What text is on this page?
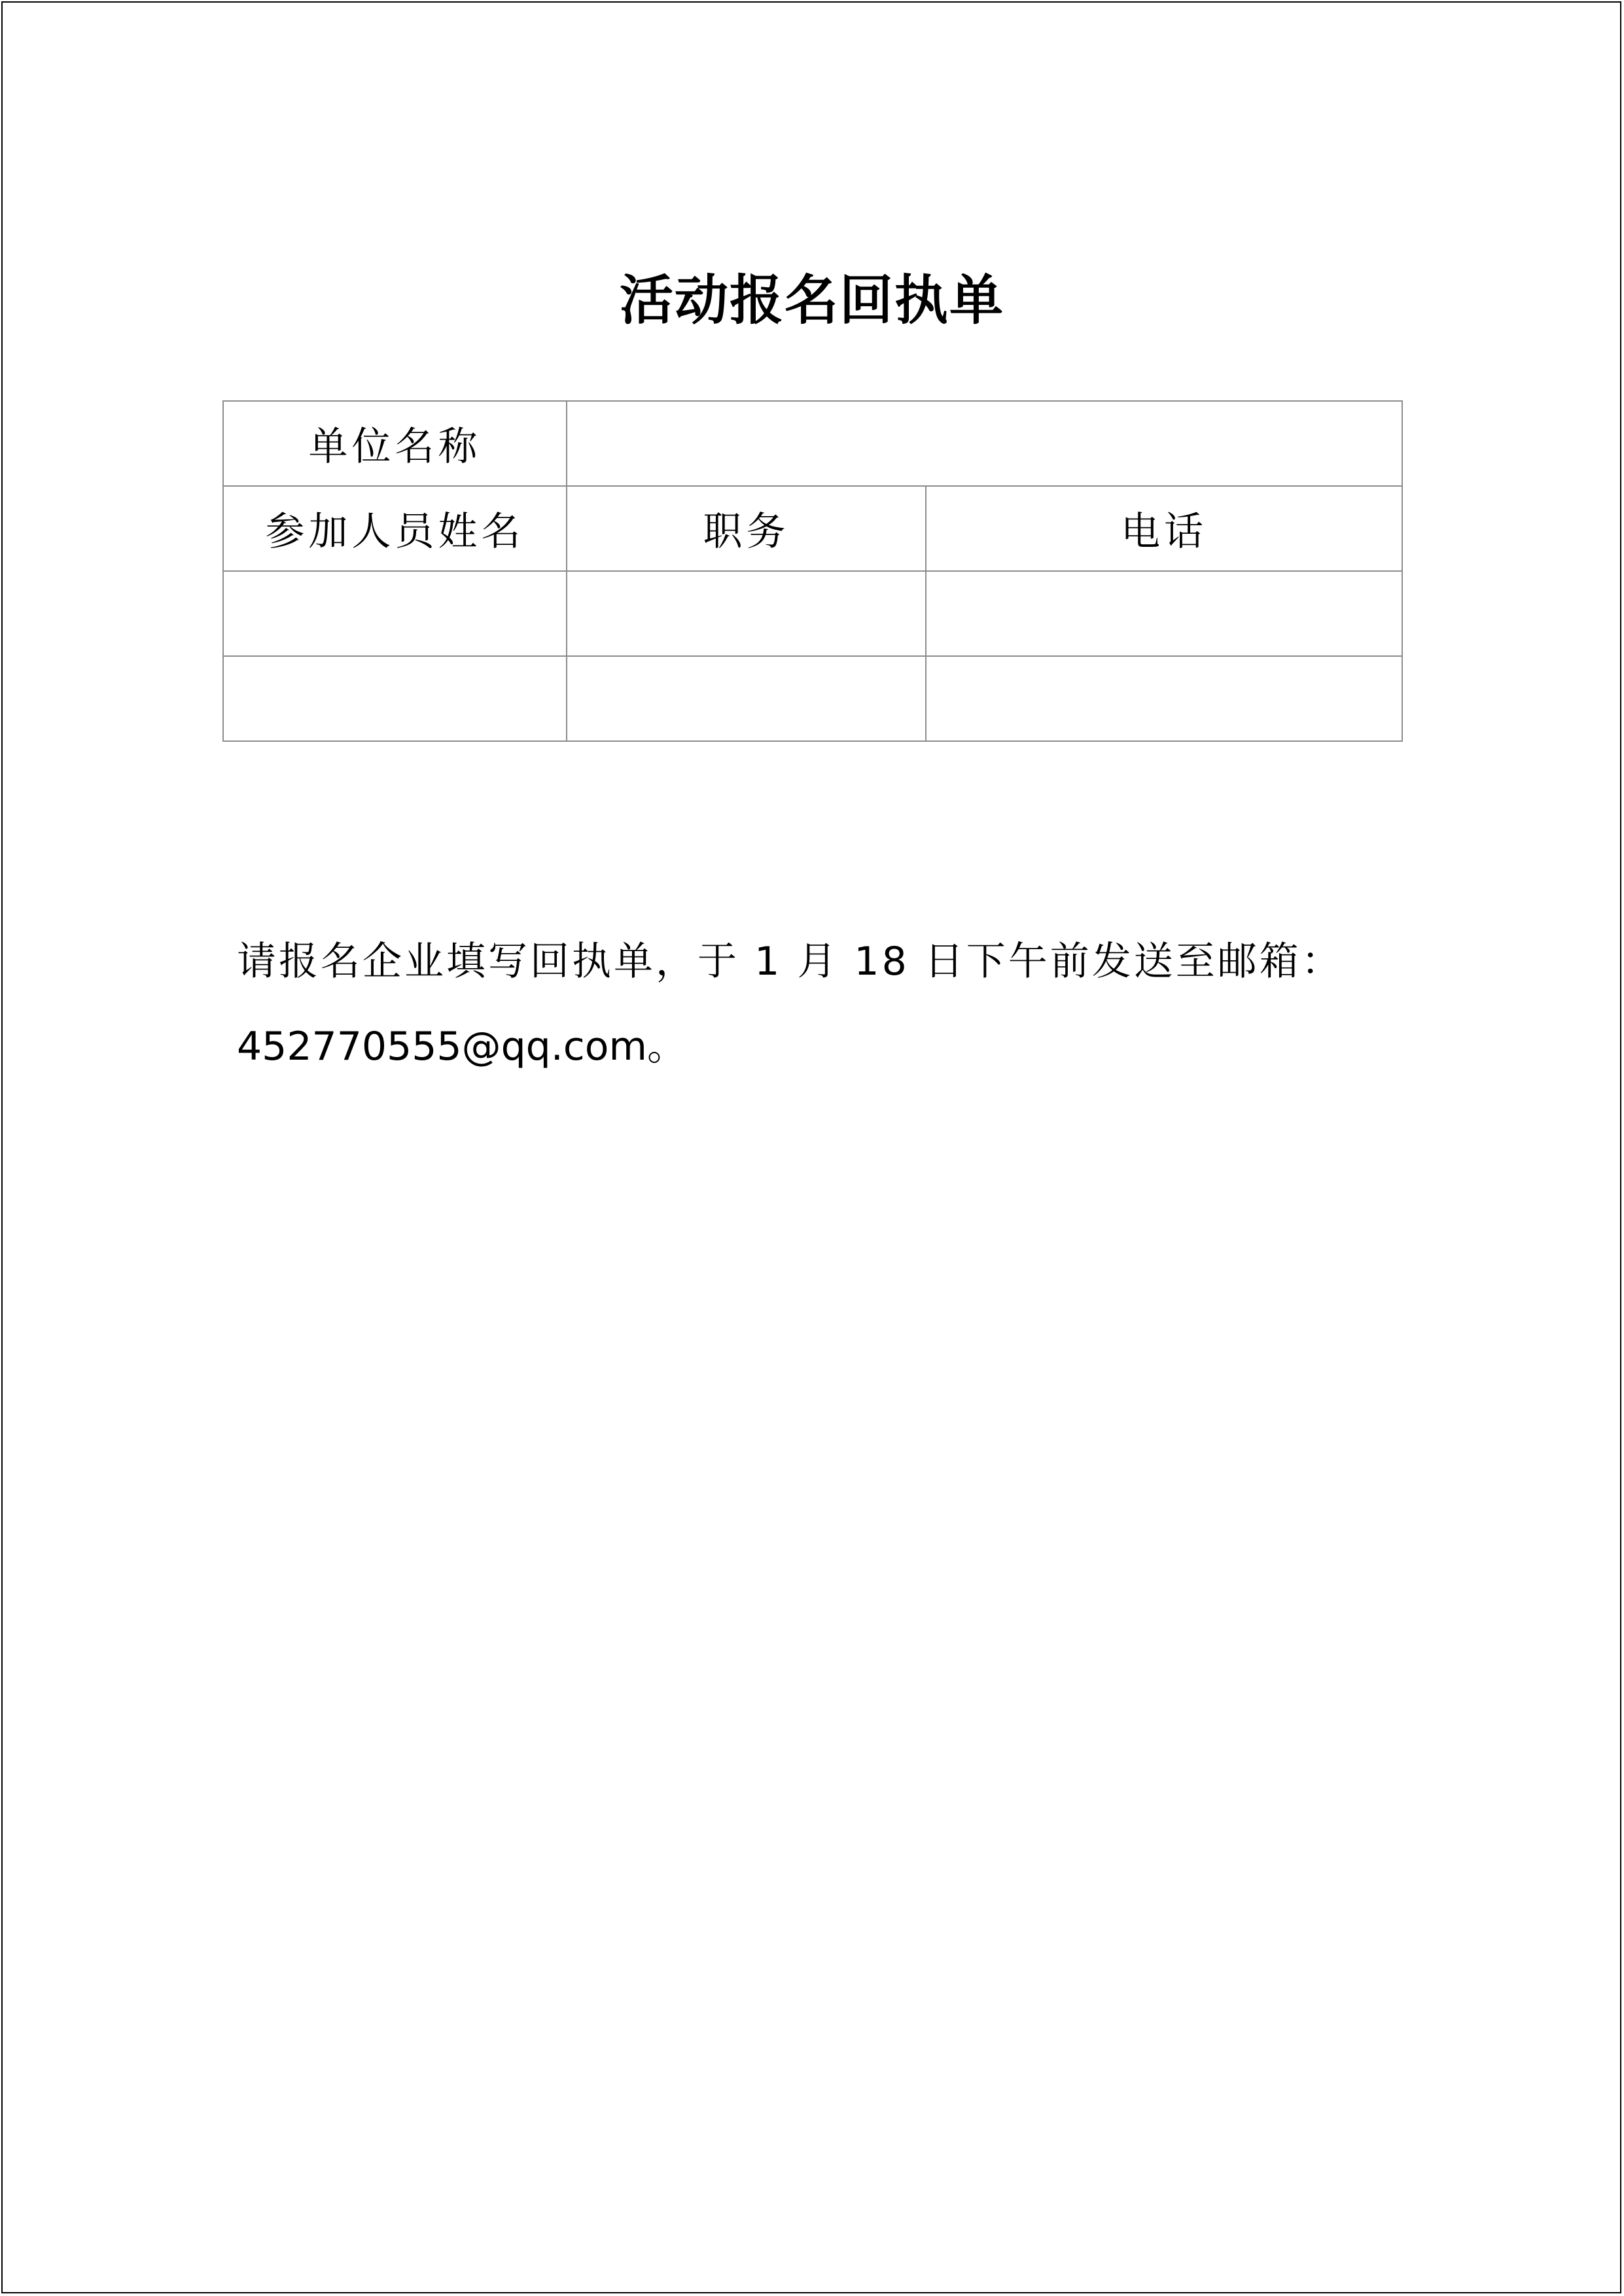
活动报名回执单
单位名称		
参加人员姓名	职务	电话

请报名企业填写回执单，于 1 月 18 日下午前发送至邮箱：
452770555@qq.com。
